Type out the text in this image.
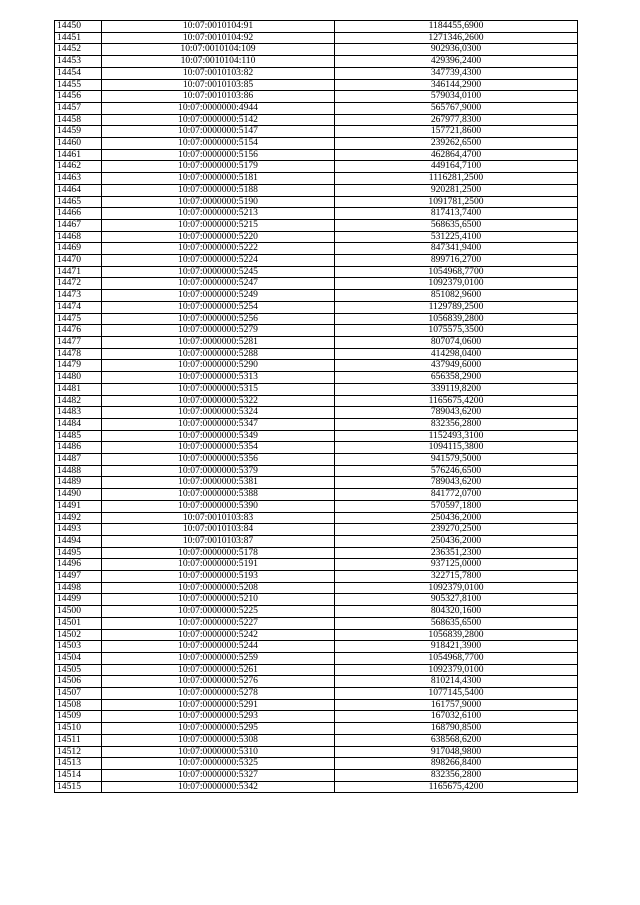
14450	10:07:0010104:91	1184455,6900
14451	10:07:0010104:92	1271346,2600
14452	10:07:0010104:109	902936,0300
14453	10:07:0010104:110	429396,2400
14454	10:07:0010103:82	347739,4300
14455	10:07:0010103:85	346144,2900
14456	10:07:0010103:86	579034,0100
14457	10:07:0000000:4944	565767,9000
14458	10:07:0000000:5142	267977,8300
14459	10:07:0000000:5147	157721,8600
14460	10:07:0000000:5154	239262,6500
14461	10:07:0000000:5156	462864,4700
14462	10:07:0000000:5179	449164,7100
14463	10:07:0000000:5181	1116281,2500
14464	10:07:0000000:5188	920281,2500
14465	10:07:0000000:5190	1091781,2500
14466	10:07:0000000:5213	817413,7400
14467	10:07:0000000:5215	568635,6500
14468	10:07:0000000:5220	531225,4100
14469	10:07:0000000:5222	847341,9400
14470	10:07:0000000:5224	899716,2700
14471	10:07:0000000:5245	1054968,7700
14472	10:07:0000000:5247	1092379,0100
14473	10:07:0000000:5249	851082,9600
14474	10:07:0000000:5254	1129789,2500
14475	10:07:0000000:5256	1056839,2800
14476	10:07:0000000:5279	1075575,3500
14477	10:07:0000000:5281	807074,0600
14478	10:07:0000000:5288	414298,0400
14479	10:07:0000000:5290	437949,6000
14480	10:07:0000000:5313	656358,2900
14481	10:07:0000000:5315	339119,8200
14482	10:07:0000000:5322	1165675,4200
14483	10:07:0000000:5324	789043,6200
14484	10:07:0000000:5347	832356,2800
14485	10:07:0000000:5349	1152493,3100
14486	10:07:0000000:5354	1094115,3800
14487	10:07:0000000:5356	941579,5000
14488	10:07:0000000:5379	576246,6500
14489	10:07:0000000:5381	789043,6200
14490	10:07:0000000:5388	841772,0700
14491	10:07:0000000:5390	570597,1800
14492	10:07:0010103:83	250436,2000
14493	10:07:0010103:84	239270,2500
14494	10:07:0010103:87	250436,2000
14495	10:07:0000000:5178	236351,2300
14496	10:07:0000000:5191	937125,0000
14497	10:07:0000000:5193	322715,7800
14498	10:07:0000000:5208	1092379,0100
14499	10:07:0000000:5210	905327,8100
14500	10:07:0000000:5225	804320,1600
14501	10:07:0000000:5227	568635,6500
14502	10:07:0000000:5242	1056839,2800
14503	10:07:0000000:5244	918421,3900
14504	10:07:0000000:5259	1054968,7700
14505	10:07:0000000:5261	1092379,0100
14506	10:07:0000000:5276	810214,4300
14507	10:07:0000000:5278	1077145,5400
14508	10:07:0000000:5291	161757,9000
14509	10:07:0000000:5293	167032,6100
14510	10:07:0000000:5295	168790,8500
14511	10:07:0000000:5308	638568,6200
14512	10:07:0000000:5310	917048,9800
14513	10:07:0000000:5325	898266,8400
14514	10:07:0000000:5327	832356,2800
14515	10:07:0000000:5342	1165675,4200
